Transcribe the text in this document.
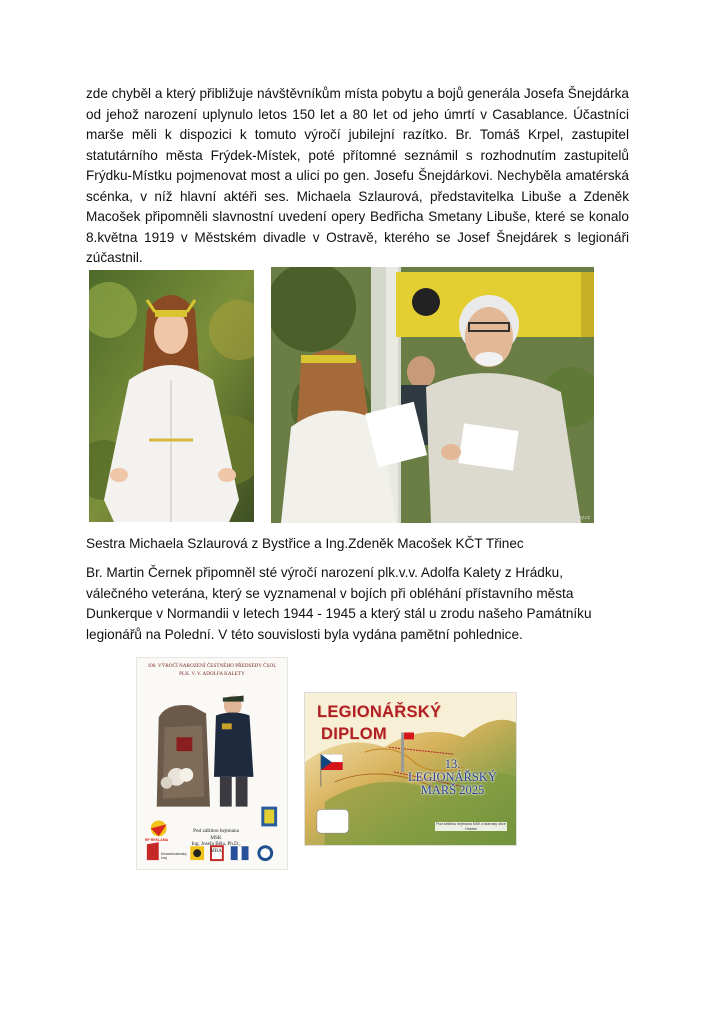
zde chyběl a který přibližuje návštěvníkům místa pobytu a bojů generála Josefa Šnejdárka od jehož narození uplynulo letos 150 let a 80 let od jeho úmrtí v Casablance. Účastníci marše měli k dispozici k tomuto výročí jubilejní razítko. Br. Tomáš Krpel, zastupitel statutárního města Frýdek-Místek, poté přítomné seznámil s rozhodnutím zastupitelů Frýdku-Místku pojmenovat most a ulici po gen. Josefu Šnejdárkovi. Nechyběla amatérská scénka, v níž hlavní aktéři ses. Michaela Szlaurová, představitelka Libuše a Zdeněk Macošek připomněli slavnostní uvedení opery Bedřicha Smetany Libuše, které se konalo 8.května 1919 v Městském divadle v Ostravě, kterého se Josef Šnejdárek s legionáři zúčastnil.
lyzarsky.cz
Sestra Michaela Szlaurová z Bystřice a Ing.Zdeněk Macošek KČT Třinec
Br. Martin Černek připomněl sté výročí narození plk.v.v. Adolfa Kalety z Hrádku, válečného veterána, který se vyznamenal v bojích při obléhání přístavního města Dunkerque v Normandii v letech 1944 - 1945 a který stál u zrodu našeho Památníku legionářů na Polední. V této souvislosti byla vydána pamětní pohlednice.
100. VÝROČÍ NAROZENÍ ČESTNÉHO PŘEDSEDY ČSOL
PLK. V. V. ADOLFA KALETY
Pod záštitou hejtmana MSK
Ing. Josefa Běla, Ph.D., MBA
RP REKLAMA
Moravskoslezský kraj
LEGIONÁŘSKÝ
DIPLOM
13. LEGIONÁŘSKÝ
MARŠ 2025
Pod záštitou hejtmana MSK a starosty obce Hrádek
